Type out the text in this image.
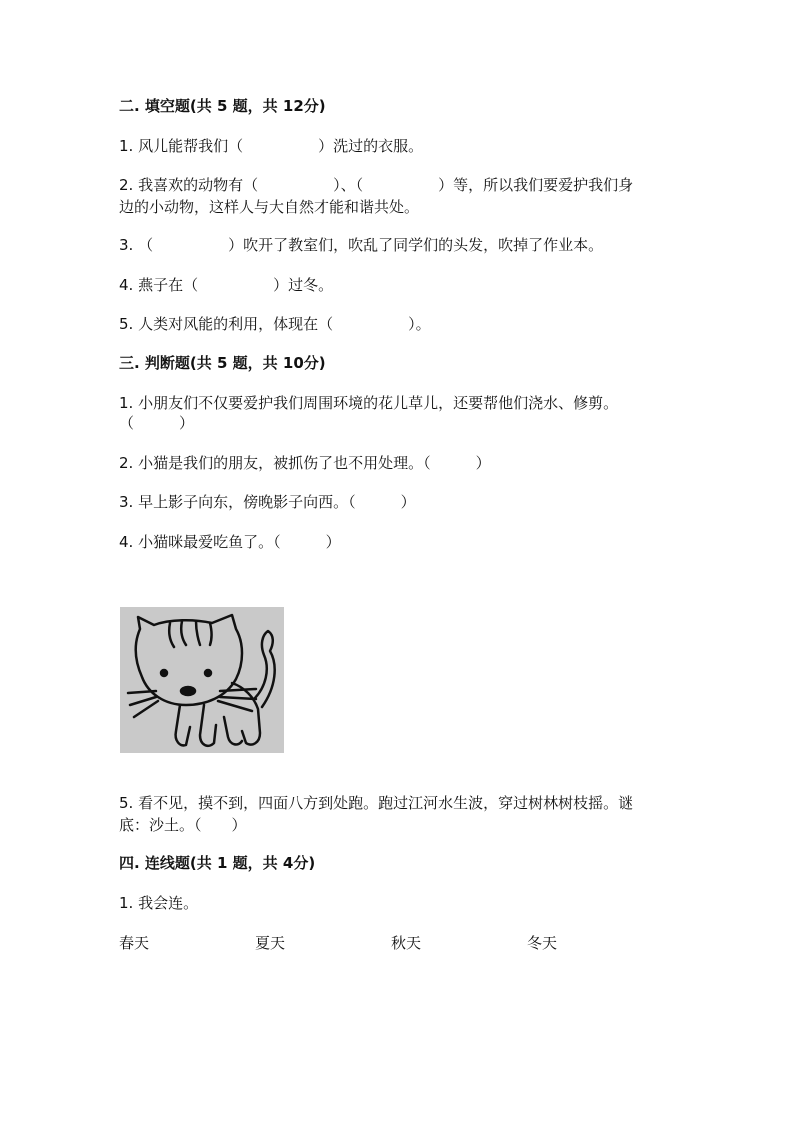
二. 填空题(共 5 题，共 12分)
1. 风儿能帮我们（　　　　　）洗过的衣服。
2. 我喜欢的动物有（　　　　　）、（　　　　　）等，所以我们要爱护我们身
边的小动物，这样人与大自然才能和谐共处。
3. （　　　　　）吹开了教室们，吹乱了同学们的头发，吹掉了作业本。
4. 燕子在（　　　　　）过冬。
5. 人类对风能的利用，体现在（　　　　　）。
三. 判断题(共 5 题，共 10分)
1. 小朋友们不仅要爱护我们周围环境的花儿草儿，还要帮他们浇水、修剪。
（　　　）
2. 小猫是我们的朋友，被抓伤了也不用处理。（　　　）
3. 早上影子向东，傍晚影子向西。（　　　）
4. 小猫咪最爱吃鱼了。（　　　）
5. 看不见，摸不到，四面八方到处跑。跑过江河水生波，穿过树林树枝摇。谜
底：沙土。（　　）
四. 连线题(共 1 题，共 4分)
1. 我会连。
春天	夏天	秋天	冬天
